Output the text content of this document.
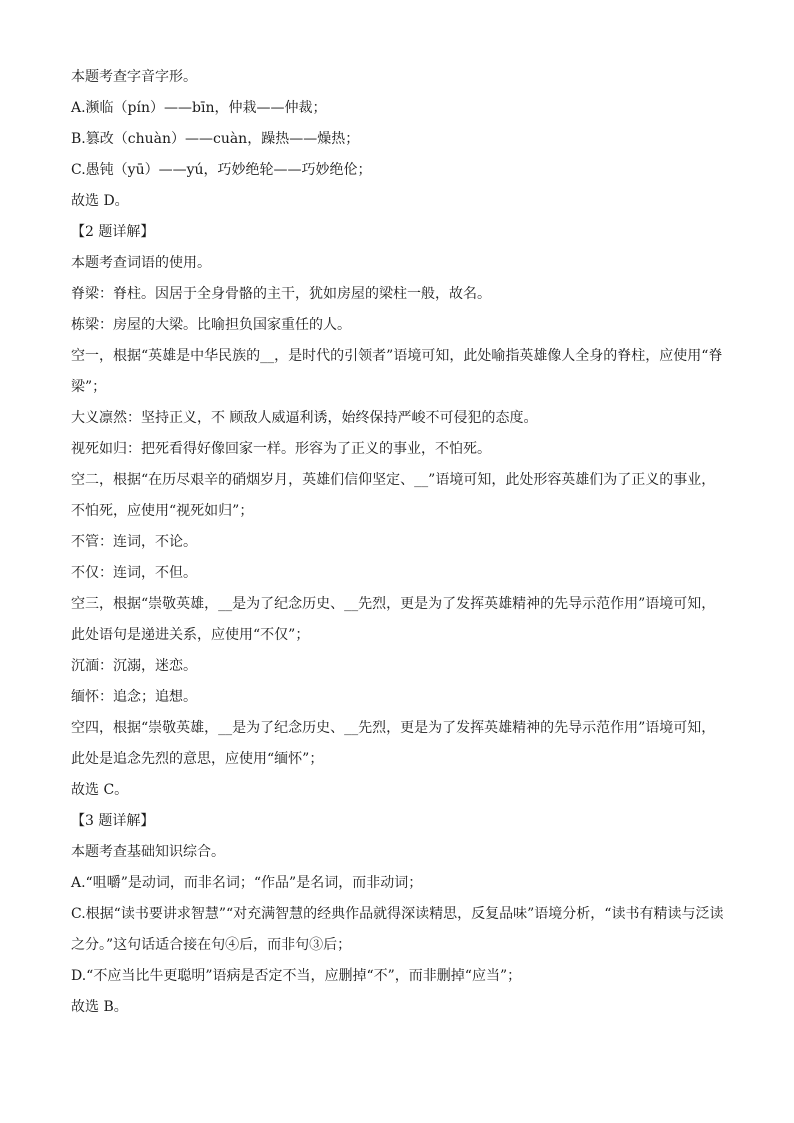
本题考查字音字形。

A.濒临（pín）——bīn，仲栽——仲裁；

B.篡改（chuàn）——cuàn，躁热——燥热；

C.愚钝（yū）——yú，巧妙绝轮——巧妙绝伦；

故选 D。

【2 题详解】

本题考查词语的使用。

脊梁：脊柱。因居于全身骨骼的主干，犹如房屋的梁柱一般，故名。

栋梁：房屋的大梁。比喻担负国家重任的人。

空一，根据“英雄是中华民族的__，是时代的引领者”语境可知，此处喻指英雄像人全身的脊柱，应使用“脊梁”；

大义凛然：坚持正义，不 顾敌人威逼利诱，始终保持严峻不可侵犯的态度。

视死如归：把死看得好像回家一样。形容为了正义的事业，不怕死。

空二，根据“在历尽艰辛的硝烟岁月，英雄们信仰坚定、__”语境可知，此处形容英雄们为了正义的事业，不怕死，应使用“视死如归”；

不管：连词，不论。

不仅：连词，不但。

空三，根据“崇敬英雄，__是为了纪念历史、__先烈，更是为了发挥英雄精神的先导示范作用”语境可知，此处语句是递进关系，应使用“不仅”；

沉湎：沉溺，迷恋。

缅怀：追念；追想。

空四，根据“崇敬英雄，__是为了纪念历史、__先烈，更是为了发挥英雄精神的先导示范作用”语境可知，此处是追念先烈的意思，应使用“缅怀”；

故选 C。

【3 题详解】

本题考查基础知识综合。

A.“咀嚼”是动词，而非名词；“作品”是名词，而非动词；

C.根据“读书要讲求智慧”“对充满智慧的经典作品就得深读精思，反复品味”语境分析，“读书有精读与泛读之分。”这句话适合接在句④后，而非句③后；

D.“不应当比牛更聪明”语病是否定不当，应删掉“不”，而非删掉“应当”；

故选 B。
